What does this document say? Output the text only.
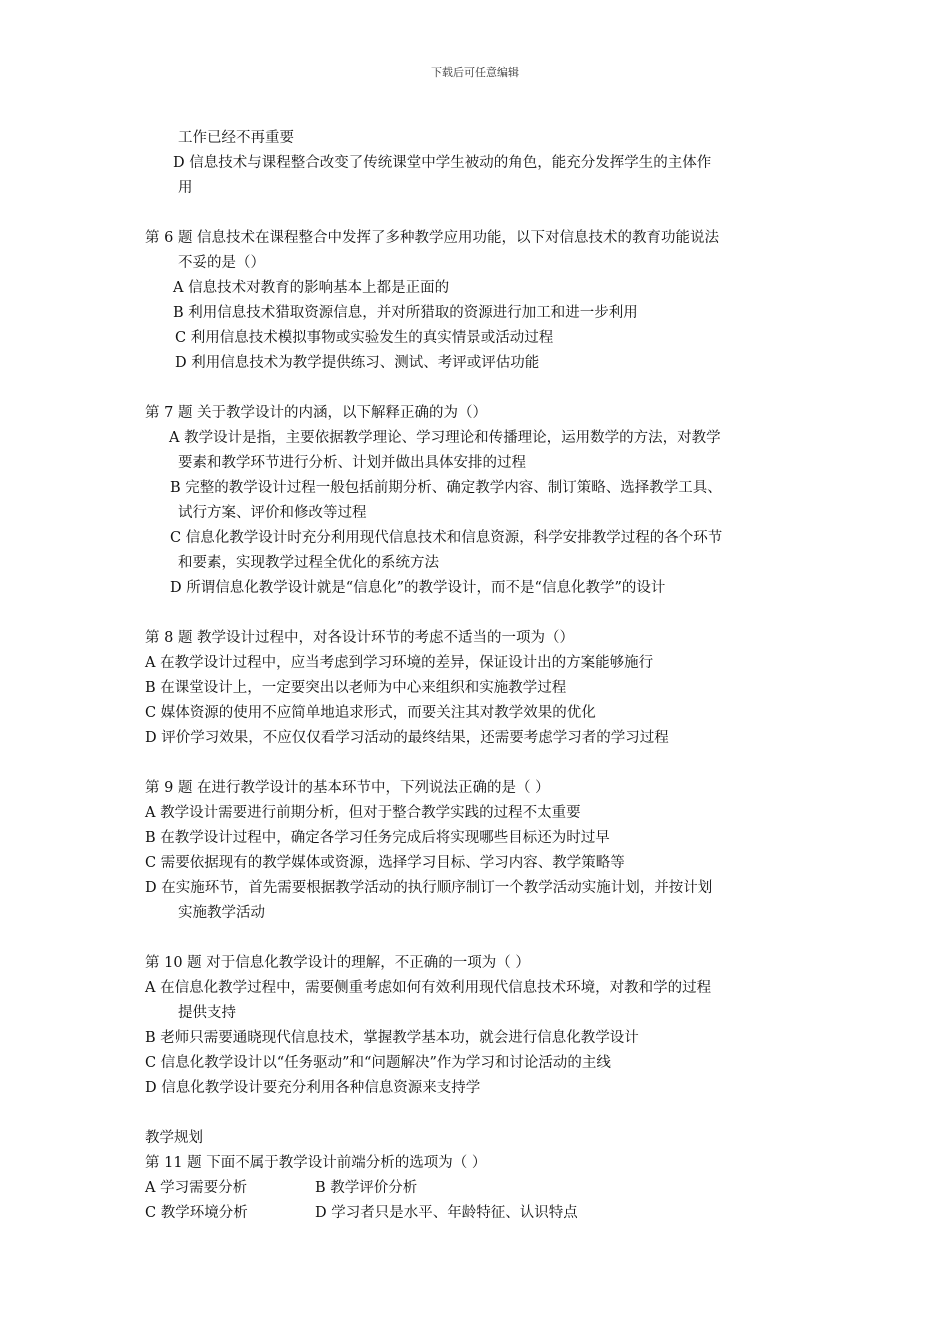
下载后可任意编辑
工作已经不再重要
D 信息技术与课程整合改变了传统课堂中学生被动的角色，能充分发挥学生的主体作
用
第 6 题 信息技术在课程整合中发挥了多种教学应用功能，以下对信息技术的教育功能说法
不妥的是（）
A 信息技术对教育的影响基本上都是正面的
B 利用信息技术猎取资源信息，并对所猎取的资源进行加工和进一步利用
C 利用信息技术模拟事物或实验发生的真实情景或活动过程
D 利用信息技术为教学提供练习、测试、考评或评估功能
第 7 题 关于教学设计的内涵，以下解释正确的为（）
A 教学设计是指，主要依据教学理论、学习理论和传播理论，运用数学的方法，对教学
要素和教学环节进行分析、计划并做出具体安排的过程
B 完整的教学设计过程一般包括前期分析、确定教学内容、制订策略、选择教学工具、
试行方案、评价和修改等过程
C 信息化教学设计时充分利用现代信息技术和信息资源，科学安排教学过程的各个环节
和要素，实现教学过程全优化的系统方法
D 所谓信息化教学设计就是“信息化”的教学设计，而不是“信息化教学”的设计
第 8 题 教学设计过程中，对各设计环节的考虑不适当的一项为（）
A 在教学设计过程中，应当考虑到学习环境的差异，保证设计出的方案能够施行
B 在课堂设计上，一定要突出以老师为中心来组织和实施教学过程
C 媒体资源的使用不应简单地追求形式，而要关注其对教学效果的优化
D 评价学习效果，不应仅仅看学习活动的最终结果，还需要考虑学习者的学习过程
第 9 题 在进行教学设计的基本环节中，下列说法正确的是（ ）
A 教学设计需要进行前期分析，但对于整合教学实践的过程不太重要
B 在教学设计过程中，确定各学习任务完成后将实现哪些目标还为时过早
C 需要依据现有的教学媒体或资源，选择学习目标、学习内容、教学策略等
D 在实施环节，首先需要根据教学活动的执行顺序制订一个教学活动实施计划，并按计划
实施教学活动
第 10 题 对于信息化教学设计的理解，不正确的一项为（ ）
A 在信息化教学过程中，需要侧重考虑如何有效利用现代信息技术环境，对教和学的过程
提供支持
B 老师只需要通晓现代信息技术，掌握教学基本功，就会进行信息化教学设计
C 信息化教学设计以“任务驱动”和“问题解决”作为学习和讨论活动的主线
D 信息化教学设计要充分利用各种信息资源来支持学
教学规划
第 11 题 下面不属于教学设计前端分析的选项为（ ）
A 学习需要分析	B 教学评价分析
C 教学环境分析	D 学习者只是水平、年龄特征、认识特点
